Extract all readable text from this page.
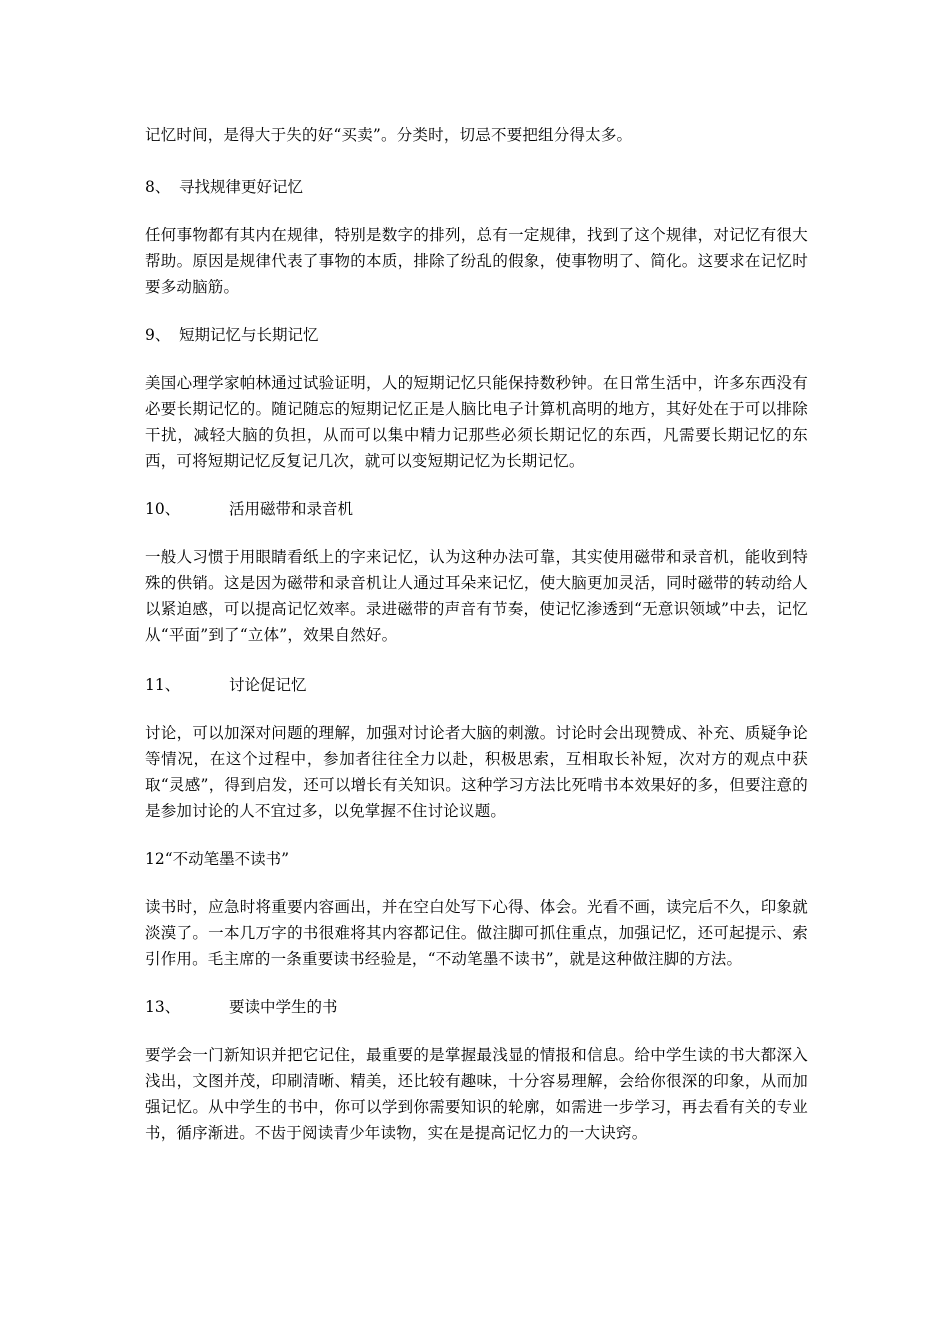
记忆时间，是得大于失的好“买卖”。分类时，切忌不要把组分得太多。

8、 寻找规律更好记忆

任何事物都有其内在规律，特别是数字的排列，总有一定规律，找到了这个规律，对记忆有很大帮助。原因是规律代表了事物的本质，排除了纷乱的假象，使事物明了、简化。这要求在记忆时要多动脑筋。

9、 短期记忆与长期记忆

美国心理学家帕林通过试验证明，人的短期记忆只能保持数秒钟。在日常生活中，许多东西没有必要长期记忆的。随记随忘的短期记忆正是人脑比电子计算机高明的地方，其好处在于可以排除干扰，减轻大脑的负担，从而可以集中精力记那些必须长期记忆的东西，凡需要长期记忆的东西，可将短期记忆反复记几次，就可以变短期记忆为长期记忆。

10、	活用磁带和录音机

一般人习惯于用眼睛看纸上的字来记忆，认为这种办法可靠，其实使用磁带和录音机，能收到特殊的供销。这是因为磁带和录音机让人通过耳朵来记忆，使大脑更加灵活，同时磁带的转动给人以紧迫感，可以提高记忆效率。录进磁带的声音有节奏，使记忆渗透到“无意识领域”中去，记忆从“平面”到了“立体”，效果自然好。

11、	讨论促记忆

讨论，可以加深对问题的理解，加强对讨论者大脑的刺激。讨论时会出现赞成、补充、质疑争论等情况，在这个过程中，参加者往往全力以赴，积极思索，互相取长补短，次对方的观点中获取“灵感”，得到启发，还可以增长有关知识。这种学习方法比死啃书本效果好的多，但要注意的是参加讨论的人不宜过多，以免掌握不住讨论议题。

12“不动笔墨不读书”

读书时，应急时将重要内容画出，并在空白处写下心得、体会。光看不画，读完后不久，印象就淡漠了。一本几万字的书很难将其内容都记住。做注脚可抓住重点，加强记忆，还可起提示、索引作用。毛主席的一条重要读书经验是，“不动笔墨不读书”，就是这种做注脚的方法。

13、	要读中学生的书

要学会一门新知识并把它记住，最重要的是掌握最浅显的情报和信息。给中学生读的书大都深入浅出，文图并茂，印刷清晰、精美，还比较有趣味，十分容易理解，会给你很深的印象，从而加强记忆。从中学生的书中，你可以学到你需要知识的轮廓，如需进一步学习，再去看有关的专业书，循序渐进。不齿于阅读青少年读物，实在是提高记忆力的一大诀窍。
